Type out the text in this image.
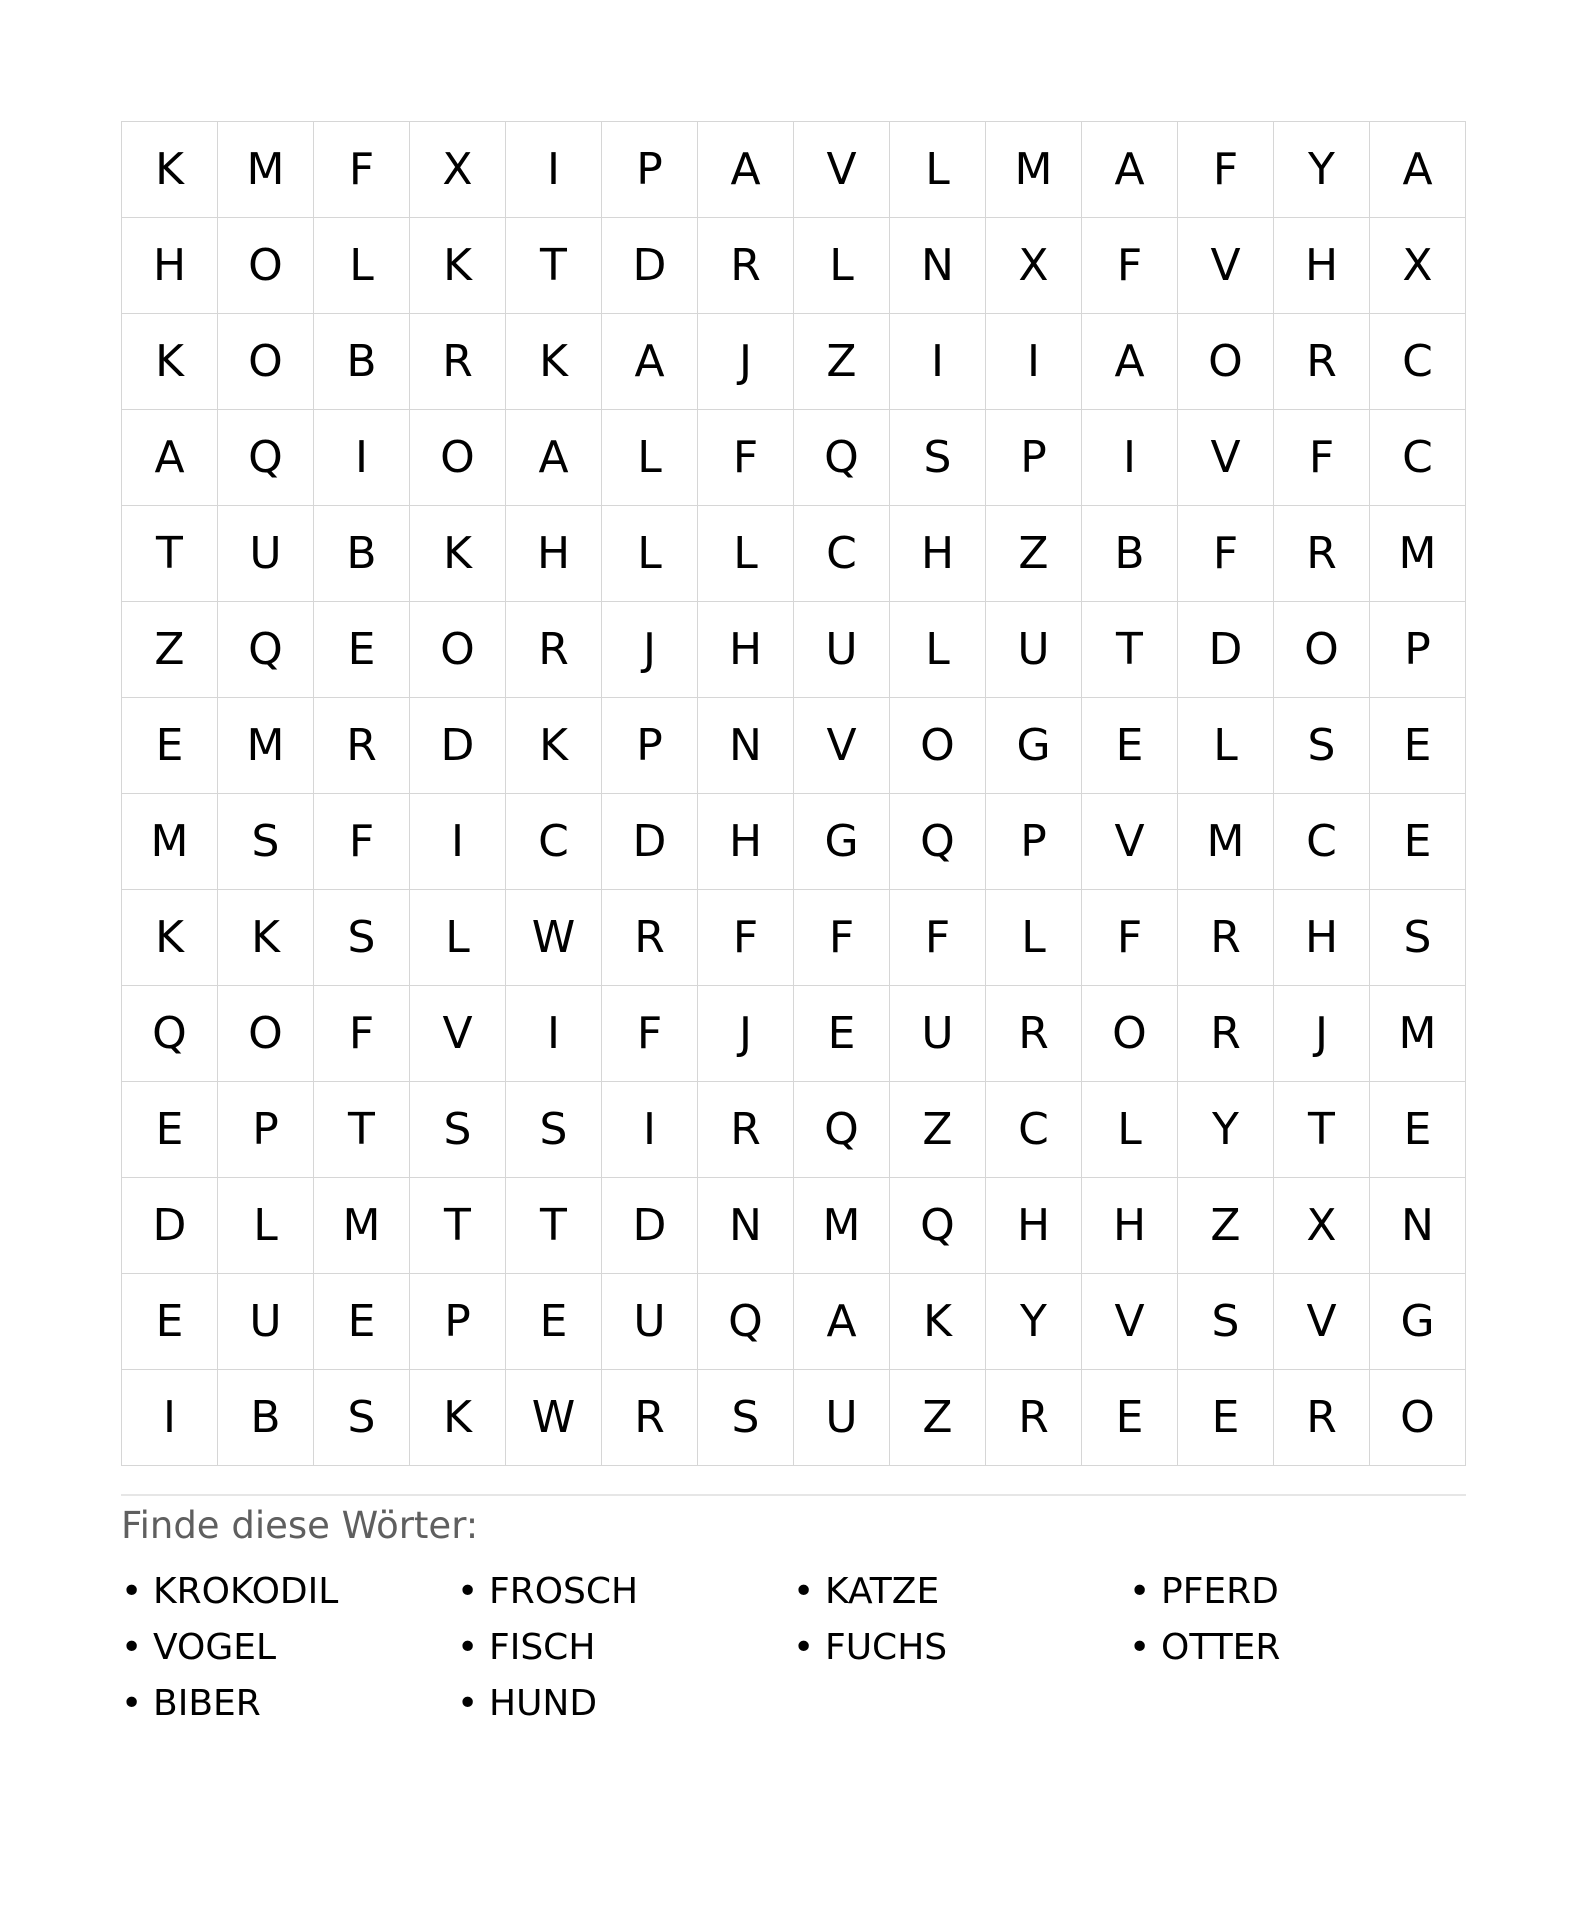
K	M	F	X	I	P	A	V	L	M	A	F	Y	A
H	O	L	K	T	D	R	L	N	X	F	V	H	X
K	O	B	R	K	A	J	Z	I	I	A	O	R	C
A	Q	I	O	A	L	F	Q	S	P	I	V	F	C
T	U	B	K	H	L	L	C	H	Z	B	F	R	M
Z	Q	E	O	R	J	H	U	L	U	T	D	O	P
E	M	R	D	K	P	N	V	O	G	E	L	S	E
M	S	F	I	C	D	H	G	Q	P	V	M	C	E
K	K	S	L	W	R	F	F	F	L	F	R	H	S
Q	O	F	V	I	F	J	E	U	R	O	R	J	M
E	P	T	S	S	I	R	Q	Z	C	L	Y	T	E
D	L	M	T	T	D	N	M	Q	H	H	Z	X	N
E	U	E	P	E	U	Q	A	K	Y	V	S	V	G
I	B	S	K	W	R	S	U	Z	R	E	E	R	O
Finde diese Wörter:
• KROKODIL	• FROSCH	• KATZE	• PFERD
• VOGEL	• FISCH	• FUCHS	• OTTER
• BIBER	• HUND
